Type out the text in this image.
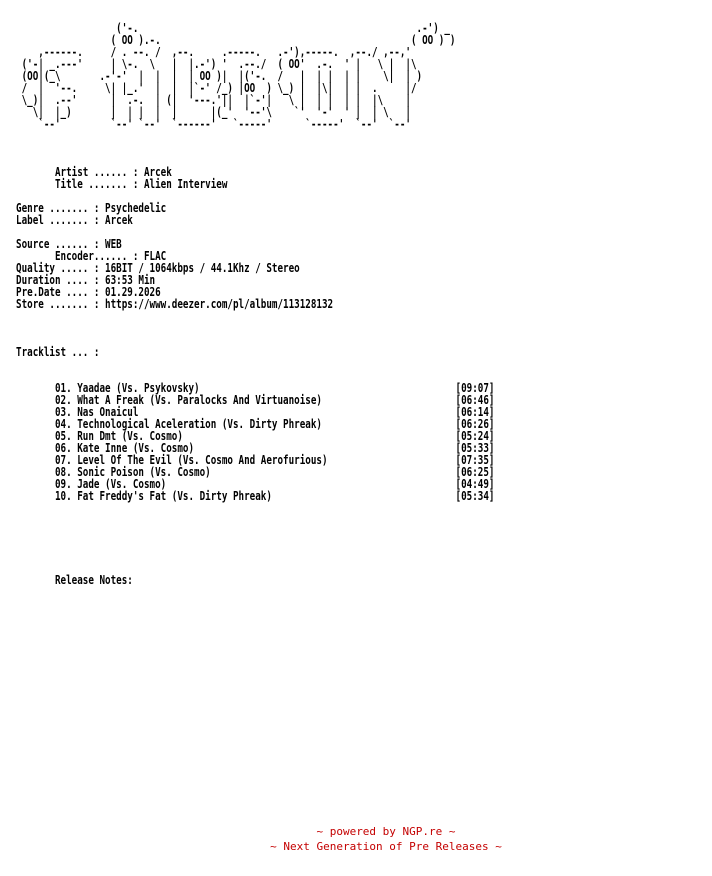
('-.                                                  .-') _
( OO ).-.                                             ( OO ) )
,------.     / . --. /  ,--.     .-----.   .-'),-----.  ,--./ ,--,'
('-| _.---'     | \-.  \   |  |.-') '  .--./  ( OO'  .-.  ' |   \ |  |\
(OO|(_\       .-'-'  |  |  |  | OO )|  |('-.  /   |  | |  | |    \|  | )
/  |  '--.     \| |_.'  |  |  |`-' /_) |OO  ) \_) |  |\|  | |  .     |/
\_)|  .--'      |  .-.  | (|  '---.'||  |`-'|   \ |  | |  | |  |\    |
\|  |_)       |  | |  |  |      |(_'  '--'\    `'  '-'  ' |  | \   |
`--'         `--' `--'  `------'   `-----'      `-----'  `--'  `--'
Artist ...... : Arcek
Title ....... : Alien Interview
Genre ....... : Psychedelic
Label ....... : Arcek
Source ...... : WEB
Encoder...... : FLAC
Quality ..... : 16BIT / 1064kbps / 44.1Khz / Stereo
Duration .... : 63:53 Min
Pre.Date .... : 01.29.2026
Store ....... : https://www.deezer.com/pl/album/113128132
Tracklist ... :
01. Yaadae (Vs. Psykovsky)	[09:07]
02. What A Freak (Vs. Paralocks And Virtuanoise)	[06:46]
03. Nas Onaicul	[06:14]
04. Technological Aceleration (Vs. Dirty Phreak)	[06:26]
05. Run Dmt (Vs. Cosmo)	[05:24]
06. Kate Inne (Vs. Cosmo)	[05:33]
07. Level Of The Evil (Vs. Cosmo And Aerofurious)	[07:35]
08. Sonic Poison (Vs. Cosmo)	[06:25]
09. Jade (Vs. Cosmo)	[04:49]
10. Fat Freddy's Fat (Vs. Dirty Phreak)	[05:34]
Release Notes:
~ powered by NGP.re ~
~ Next Generation of Pre Releases ~
